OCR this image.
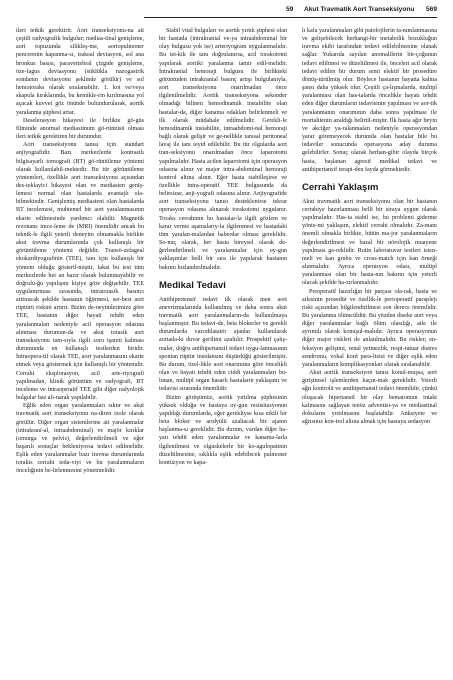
59 Akut Travmatik Aort Transeksiyonu 569

ileri tetkik gerektirir. Aort transeksiyonu-na ait çeşitli radyografik bulgular; medias-tinal genişleme, aort topuzunda silikleş-me, aortopulmoner pencerenin kapanma-sı, trakeal deviasyon, sol ana bronkus basısı, paravertebral çizgide genişleme, öze-fagus deviasyonu (süklükla nazogastrik sondanın deviasyonu şeklinde görülür) ve sol hemotoraks olarak sıralanabilir. 1. kot ve/veya skapula kırıklarında, bu kemikle-rin kırılmasına yol açacak kuvvet göz önünde bulundurularak, aortik yaralanma şüphesi artar.

Deselerasyon hikayesi ile birlikte gö-güs filminde anormal mediastinum gö-rüntüsü olması ileri tetkik gerektiren bir durumdur.

Aort transeksiyonu tanısı için standart anjiyografidir. Bazı merkezlerde kontrastlı bilgisayarlı tomografi (BT) gö-rüntüleme yöntemi olarak kullanılabil-mektedir. Bu tür görüntüleme yöntemleri, özellikle aort transeksiyonu açısından des-teklayici hikayesi olan ve mediasten geniş-lemesi normal olan hastalarda avantajlı ola-bilmektedir. Genişlemiş mediasteni olan hastalarda BT incelemesi, muhtemel bir aort yaralanmasının ekarte edilmesinde yardımcı olabilir. Magnetik rezonans imce-leme de (MRI) önemlidir ancak bu teknik-le ilgili yeterli deneyim olmamakla birlikte akut travma durumlarında çok kullanışlı bir görüntüleme yöntemi değildir. Transö-zefageal ekokardiyografinin (TEE), tanı için kullanışlı bir yöntem olduğu gösteril-miştir, fakat bu test tüm merkezlerde her an hazır olarak bulunmayabilir ve doğrulu-ğu yapılışını kişiye göre değişebilir. TEE uygulanırması sırasında, intratorasik basıncı arttıracak şekilde hastanın öğürmesi, ser-best aort rüptürü riskini artırır. Bizim de-neyimlerimize göre TEE, hastanın diğer hayati tehdit eden yaralanmaları nedeniyle acil operasyon odasına alınması durumun-da ve akut torasik aort transeksiyonu tanı-sıyla ilgili soru işareti kalması durumunda en kullanışlı testlerden biridir. İntraopera-tif olarak TEE, aort yaralanmasını ekarte etmek veya göstermek için kullanışlı bir yöntemdir. Cerrahi eksplorasyon, acil arte-riyografi yapılmadan, klinik görüntüm ve radyografi, BT inceleme ve intraoperatif TEE gibi diğer radyolojik bulgular baz alı-narak yapılabilir.

Eğlik eden organ yaralanmaları sıktır ve akut travmatik aort transeksiyonu na-diren izole olarak görülür. Diğer organ sistemlerine ait yaralanmalar (intrakrani-al, intraabdominal) ve majör kırıklar (omurga ve pelvis), değerlendirilmeli ve eğer başarılı sonuçlar bekleniyorsa tedavi edilmelidir. Eşlik eden yaralanmalar bazı travma durumlarında torakis cerrahi teda-viyi ve bu yaralanmaların önceliğinin be-lirlenmesini yönetmelidir.

Stabil vital bulguları ve aortik yırtık şüphesi olan bir hastada (intrakranial ve-ya intraabdominal bir olay bulgusu yok ise) arteriyogram uygulanmalıdır. Bu tet-kik ile tanı doğrulanırsa, acil torakotomi yapılarak aortiki yaralanma tamir edil-melidir. İntrakranial hemoraji bulgusu ile birlikteki görüntüden intrakranial basınç artışı bulgulanıyla, aort transeksiyonu onarılmadan önce ilgilenilmelidir. Aortik transeksiyona sekonder olmadığı bilinen hemodinamik instabilite olan hastalar-da, diğer kanama odakları belirlenmeli ve ilk olarak müdahale edilmelidir. Gerekli-le hemodinamik instabilite, intraabdomi-nal hemoraji bağlı olarak gelişir ve ge-nellikle tanısal peritoneal lavaj ile tanı teyid edilebilir. Bu tür olgularda aort tran-seksiyonu onarılmadan önce laparotomi yapılmalıdır. Hasta acilen laparotomi için operasyon odasına alınır ve major intra-abdominal hemoraji kontrol altına alınır. Eğer hasta stabilleşirse ve özellikle intra-operatif TEE bulgusunda da belirsizse, anji-yografi odasına alınır. Anjiyografide aort transeksiyonu tanısı desteklenirse tekrar operasyon odasına alınarak torakotomi uygulanır. Toraks cerrahının bu hastalar-la ilgili gözlem ve karar verme aşamalarıy-la ilgilenmesi ve hastadaki tüm yaralan-malardan haberdar olması gereklidir. So-nuç olarak, her hasta bireysel olarak de-ğerlendirilmeli ve yaralanmalar için uy-gun yaklaşımlar belli bir sıra ile yapılarak hastanın bakımı hızlandırılmalıdır.

Medikal Tedavi

Antihipertensif tedavi ilk olarak inen aort anevrizmalarında kullanılmış ve daha sonra akut travmatik aort yaralanmaların-da kullanılmaya başlanmıştır. Bu tedavi-de, beta blokerler ve gerekli durumlarda vazodilatatör ajanlar kullanılarak aortada-ki duvar gerilimi azaltılır. Prospektif çalış-malar, doğru antihipertansif tedavi uygu-lanmasının spontan rüptür insidansını düşürdüğü gösterilmiştir. Bu durum, özel-likle aort onarımına göre öncelikli olan ve hayatı tehdit eden ciddi yaralanmaları bu-lunan, multipl organ hasarlı hastaların yaklaşımı ve tedavisi sırasında önemlidir.

Bizim görüşümüz, aortik yırtılma şüphesinin yüksek olduğu ve hastaya uy-gun resüsitasyonun yapıldığı durumlarda, eğer gerekliyse kısa etkili bir beta bloker ve arıdyülü azaltacak bir ajanın başlanma-sı gereklidir. Bu durum, vardan diğer ha-yatı tehdit eden yaralanmalar ve kanama-larla ilgilenilmesi ve olguskelerle bir ko-agulopatinin düzeltilmesine, sıklıkla eşlik edebilecek pulmoner kontüzyon ve kapa-

lı kafa yaralanmaları gibi patolojilerin ta-nımlanmasına ve gelişebilecek herhangi-bir metabolik bozukluğun travma ekibi tarafından tedavi edilebilmesine olanak sağlar. Yukarıda sayılan anomalilerin bir-çoğunun tedavi edilmesi ve düzeltilmesi ile, önceleri acil olarak tedavi edilen bir durum semi elektif bir prosedüre dönüş-türülmüş olur. Böylece hastanın hayatta kalma şansı daha yüksek olur. Çeşitli ça-lışmalarda, multipl yaralanması olan has-talarda öncelikle hayatı tehdit eden diğer durumların tedavisinin yapılması ve aor-tik yaralanmanın onarımının daha sonra yapılması ile mortalitenin azaldığı belirtil-miştir. İlk hasta ağır beyin ve akciğer ya-ralanmaları nedeniyle operasyondan yarar göremeyecek durumda olan hastalar bile bu tedaviler sonucunda operasyona aday duruma gelebilirler. Sonuç olarak herhan-gibir olayda birçok hasta, başlanan agresif medikal tedavi ve antihipertansif terapi-den fayda görmektedir.

Cerrahi Yaklaşım

Akut travmatik aort transeksiyonu olan bir hastanın cerrahiye hazırlanması belli bir sıraya uygun olarak yapılmalıdır. Has-ta stabil ise, bu problemi giderme yönte-mi yaklaşım, elektif cerrahi olmalıdır. Za-manı önemli olmakla birlikte, bütün ma-jor yaralanmaların değerlendirilmesi ve bazal bir nörolojik muayene yapılması ge-reklidir. Rutin laboratuvar testleri isten-meli ve kan grubu ve cross-match için kan örneği alınmalıdır. Ayrıca operasyon odası, multipl yaralanması olan bir hasta-nın bakımı için yeterli olacak şekilde ha-zırlanmalıdır.

Preoperatif hazırlığın bir parçası ola-rak, hasta ve ailesinin prosedür ve özellik-le perioperatif paraplejı riski açısından bilgilendirilmesi son derece önemlidir. Bu yaralanma ölümcüldür. Bu yüzden diseke aort veya diğer yaralanmalar bağlı ölüm olasılığı, aile ile ayrıntılı olarak konuşul-malıdır. Ayrıca operasyonun diğer major riskleri de anlatılmalıdır. Bu riskler; en-feksiyon gelişimi, renal yetmezlik, respi-ratuar distres sendromu, vokal kord para-lizisi ve diğer eşlik eden yaralanmaların komplikasyonları olarak sıralanabilir.

Akut aortik transeksiyon tanısı konul-muşsa, aort girişimsel işlemlerden kaçın-mak gereklidir. Yeterli ağrı kontrolü ve antihipertansif tedavi önemlidir, çünkü oluşacak hipertansif bir olay hematomun intakt kalmasını sağlayan tenöz adventisi-ya ve mediastinal dokuların yırtılmasını başlatabilir. Anksiyete ve ağrısınız kon-trol altına almak için hastaya sedasyon
